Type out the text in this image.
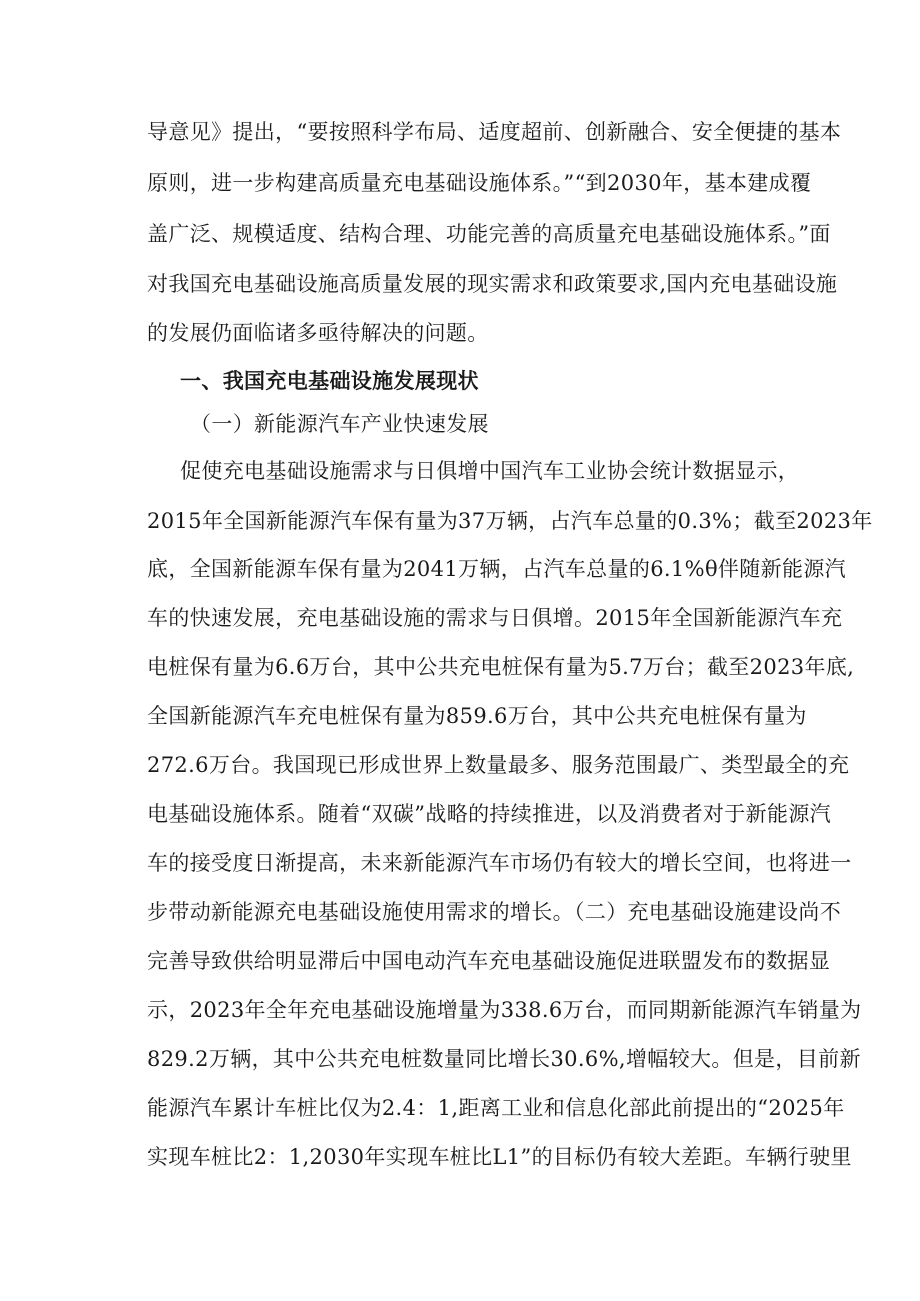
导意见》提出，“要按照科学布局、适度超前、创新融合、安全便捷的基本
原则，进一步构建高质量充电基础设施体系。”“到2030年，基本建成覆
盖广泛、规模适度、结构合理、功能完善的高质量充电基础设施体系。”面
对我国充电基础设施高质量发展的现实需求和政策要求,国内充电基础设施
的发展仍面临诸多亟待解决的问题。
一、我国充电基础设施发展现状
（一）新能源汽车产业快速发展
促使充电基础设施需求与日俱增中国汽车工业协会统计数据显示，
2015年全国新能源汽车保有量为37万辆，占汽车总量的0.3%；截至2023年
底，全国新能源车保有量为2041万辆，占汽车总量的6.1%θ伴随新能源汽
车的快速发展，充电基础设施的需求与日俱增。2015年全国新能源汽车充
电桩保有量为6.6万台，其中公共充电桩保有量为5.7万台；截至2023年底,
全国新能源汽车充电桩保有量为859.6万台，其中公共充电桩保有量为
272.6万台。我国现已形成世界上数量最多、服务范围最广、类型最全的充
电基础设施体系。随着“双碳”战略的持续推进，以及消费者对于新能源汽
车的接受度日渐提高，未来新能源汽车市场仍有较大的增长空间，也将进一
步带动新能源充电基础设施使用需求的增长。（二）充电基础设施建设尚不
完善导致供给明显滞后中国电动汽车充电基础设施促进联盟发布的数据显
示，2023年全年充电基础设施增量为338.6万台，而同期新能源汽车销量为
829.2万辆，其中公共充电桩数量同比增长30.6%,增幅较大。但是，目前新
能源汽车累计车桩比仅为2.4：1,距离工业和信息化部此前提出的“2025年
实现车桩比2：1,2030年实现车桩比L1”的目标仍有较大差距。车辆行驶里
